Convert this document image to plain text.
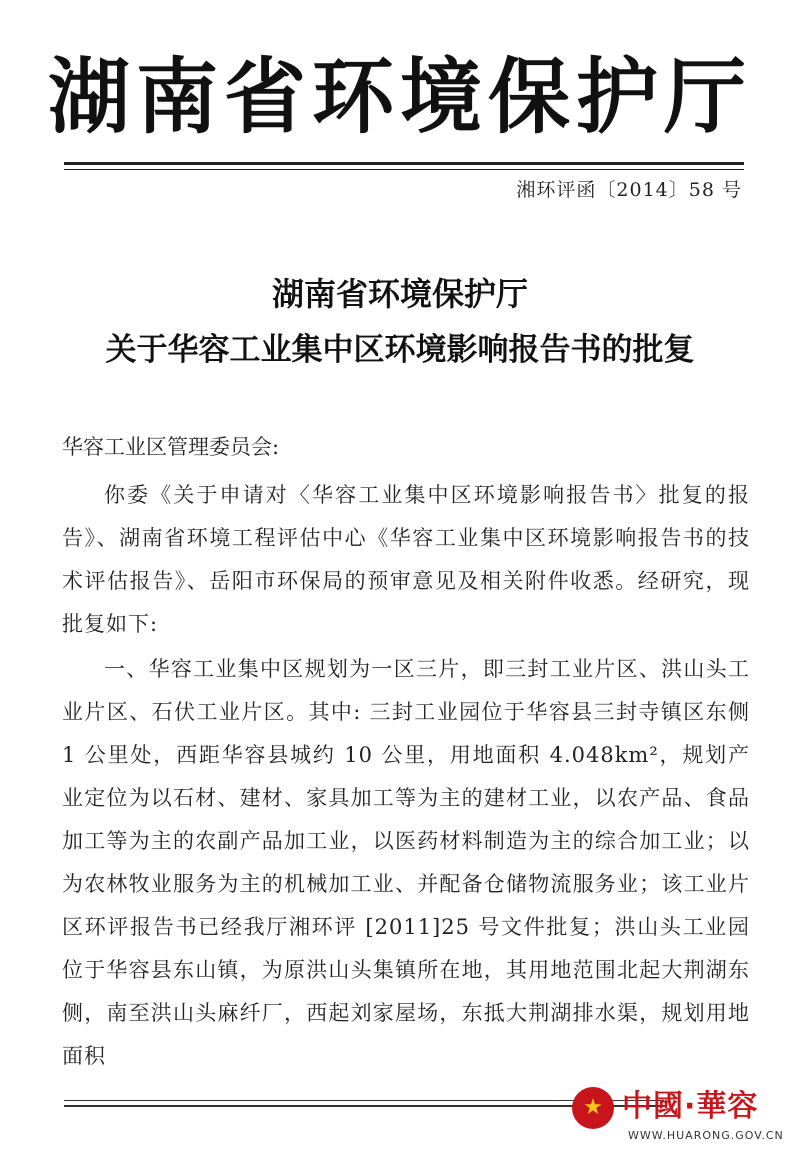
湖南省环境保护厅
湘环评函〔2014〕58 号
湖南省环境保护厅
关于华容工业集中区环境影响报告书的批复
华容工业区管理委员会:

你委《关于申请对〈华容工业集中区环境影响报告书〉批复的报告》、湖南省环境工程评估中心《华容工业集中区环境影响报告书的技术评估报告》、岳阳市环保局的预审意见及相关附件收悉。经研究，现批复如下:

一、华容工业集中区规划为一区三片，即三封工业片区、洪山头工业片区、石伏工业片区。其中: 三封工业园位于华容县三封寺镇区东侧 1 公里处，西距华容县城约 10 公里，用地面积 4.048km²，规划产业定位为以石材、建材、家具加工等为主的建材工业，以农产品、食品加工等为主的农副产品加工业，以医药材料制造为主的综合加工业；以为农林牧业服务为主的机械加工业、并配备仓储物流服务业；该工业片区环评报告书已经我厅湘环评 [2011]25 号文件批复；洪山头工业园位于华容县东山镇，为原洪山头集镇所在地，其用地范围北起大荆湖东侧，南至洪山头麻纤厂，西起刘家屋场，东抵大荆湖排水渠，规划用地面积

★ 中國·華容
WWW.HUARONG.GOV.CN
